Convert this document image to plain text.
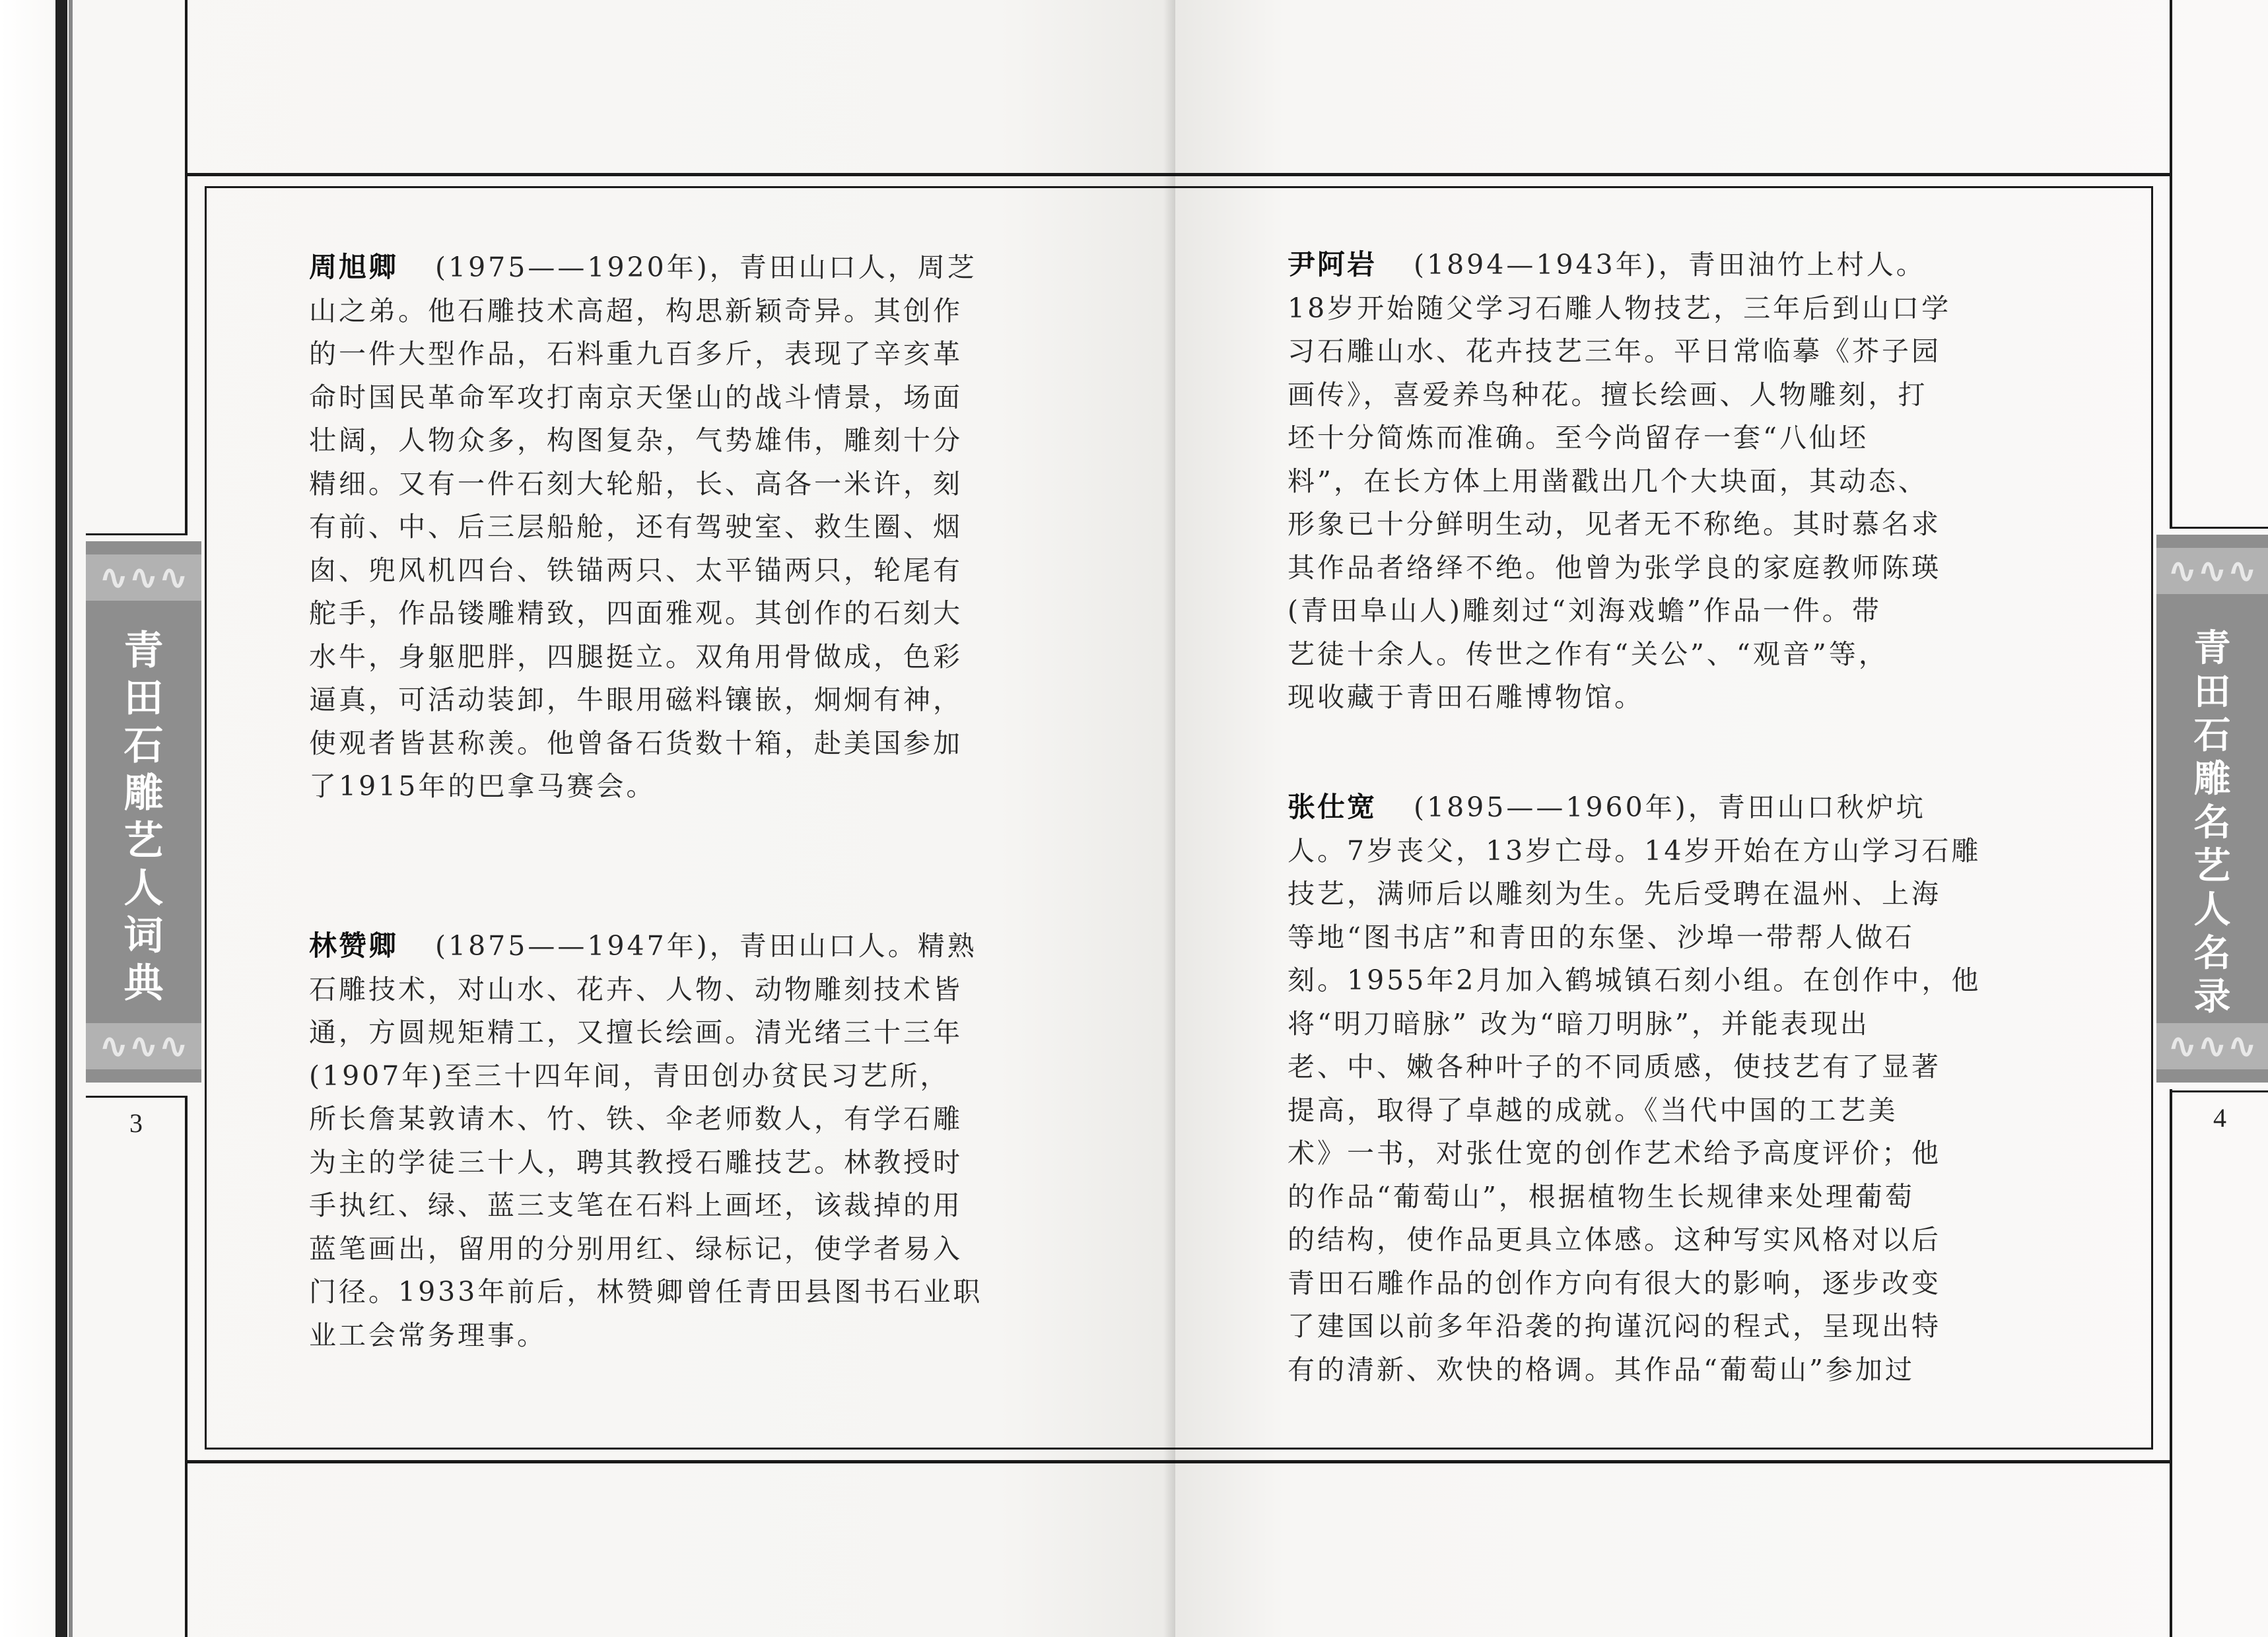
∿∿∿
青
田
石
雕
艺
人
词
典
∿∿∿
3

周旭卿 (1975——1920年)，青田山口人，周芝
山之弟。他石雕技术高超，构思新颖奇异。其创作
的一件大型作品，石料重九百多斤，表现了辛亥革
命时国民革命军攻打南京天堡山的战斗情景，场面
壮阔，人物众多，构图复杂，气势雄伟，雕刻十分
精细。又有一件石刻大轮船，长、高各一米许，刻
有前、中、后三层船舱，还有驾驶室、救生圈、烟
囱、兜风机四台、铁锚两只、太平锚两只，轮尾有
舵手，作品镂雕精致，四面雅观。其创作的石刻大
水牛，身躯肥胖，四腿挺立。双角用骨做成，色彩
逼真，可活动装卸，牛眼用磁料镶嵌，炯炯有神，
使观者皆甚称羡。他曾备石货数十箱，赴美国参加
了1915年的巴拿马赛会。

林赞卿 (1875——1947年)，青田山口人。精熟
石雕技术，对山水、花卉、人物、动物雕刻技术皆
通，方圆规矩精工，又擅长绘画。清光绪三十三年
(1907年)至三十四年间，青田创办贫民习艺所，
所长詹某敦请木、竹、铁、伞老师数人，有学石雕
为主的学徒三十人，聘其教授石雕技艺。林教授时
手执红、绿、蓝三支笔在石料上画坯，该裁掉的用
蓝笔画出，留用的分别用红、绿标记，使学者易入
门径。1933年前后，林赞卿曾任青田县图书石业职
业工会常务理事。

∿∿∿
青
田
石
雕
名
艺
人
名
录
∿∿∿
4

尹阿岩 (1894—1943年)，青田油竹上村人。
18岁开始随父学习石雕人物技艺，三年后到山口学
习石雕山水、花卉技艺三年。平日常临摹《芥子园
画传》，喜爱养鸟种花。擅长绘画、人物雕刻，打
坯十分简炼而准确。至今尚留存一套“八仙坯
料”，在长方体上用凿戳出几个大块面，其动态、
形象已十分鲜明生动，见者无不称绝。其时慕名求
其作品者络绎不绝。他曾为张学良的家庭教师陈瑛
(青田阜山人)雕刻过“刘海戏蟾”作品一件。带
艺徒十余人。传世之作有“关公”、“观音”等，
现收藏于青田石雕博物馆。

张仕宽 (1895——1960年)，青田山口秋炉坑
人。7岁丧父，13岁亡母。14岁开始在方山学习石雕
技艺，满师后以雕刻为生。先后受聘在温州、上海
等地“图书店”和青田的东堡、沙埠一带帮人做石
刻。1955年2月加入鹤城镇石刻小组。在创作中，他
将“明刀暗脉” 改为“暗刀明脉”，并能表现出
老、中、嫩各种叶子的不同质感，使技艺有了显著
提高，取得了卓越的成就。《当代中国的工艺美
术》一书，对张仕宽的创作艺术给予高度评价；他
的作品“葡萄山”，根据植物生长规律来处理葡萄
的结构，使作品更具立体感。这种写实风格对以后
青田石雕作品的创作方向有很大的影响，逐步改变
了建国以前多年沿袭的拘谨沉闷的程式，呈现出特
有的清新、欢快的格调。其作品“葡萄山”参加过
